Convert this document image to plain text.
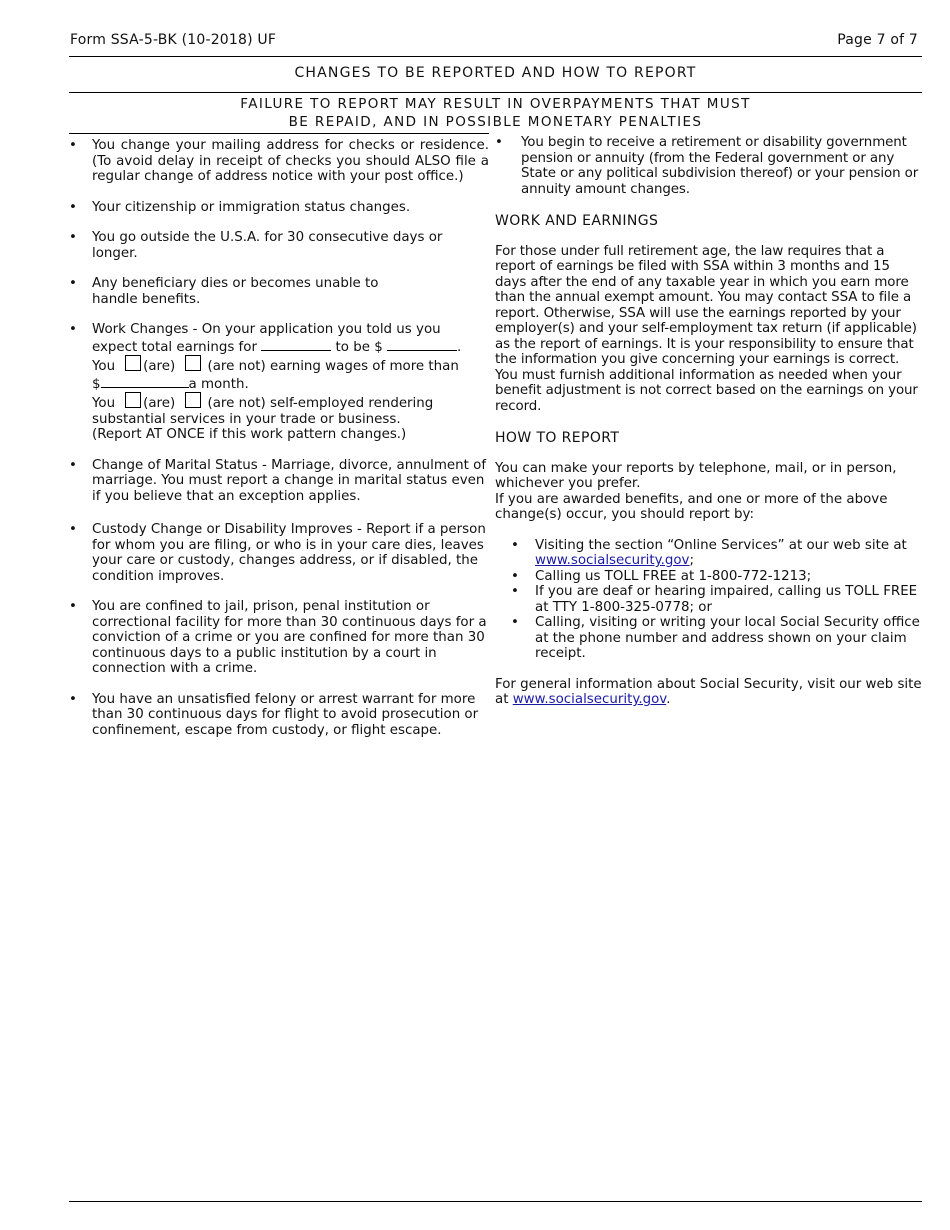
Form SSA-5-BK (10-2018) UF	Page 7 of 7
CHANGES TO BE REPORTED AND HOW TO REPORT
FAILURE TO REPORT MAY RESULT IN OVERPAYMENTS THAT MUST
BE REPAID, AND IN POSSIBLE MONETARY PENALTIES
• You change your mailing address for checks or residence. (To avoid delay in receipt of checks you should ALSO file a regular change of address notice with your post office.)

• Your citizenship or immigration status changes.

• You go outside the U.S.A. for 30 consecutive days or longer.

• Any beneficiary dies or becomes unable to handle benefits.

• Work Changes - On your application you told us you expect total earnings for	to be $	.

You (are) (are not) earning wages of more than
$	a month.

You (are) (are not) self-employed rendering substantial services in your trade or business.

(Report AT ONCE if this work pattern changes.)

• Change of Marital Status - Marriage, divorce, annulment of marriage. You must report a change in marital status even if you believe that an exception applies.

• Custody Change or Disability Improves - Report if a person for whom you are filing, or who is in your care dies, leaves your care or custody, changes address, or if disabled, the condition improves.

• You are confined to jail, prison, penal institution or correctional facility for more than 30 continuous days for a conviction of a crime or you are confined for more than 30 continuous days to a public institution by a court in connection with a crime.

• You have an unsatisfied felony or arrest warrant for more than 30 continuous days for flight to avoid prosecution or confinement, escape from custody, or flight escape.

• You begin to receive a retirement or disability government pension or annuity (from the Federal government or any State or any political subdivision thereof) or your pension or annuity amount changes.

WORK AND EARNINGS

For those under full retirement age, the law requires that a report of earnings be filed with SSA within 3 months and 15 days after the end of any taxable year in which you earn more than the annual exempt amount. You may contact SSA to file a report. Otherwise, SSA will use the earnings reported by your employer(s) and your self-employment tax return (if applicable) as the report of earnings. It is your responsibility to ensure that the information you give concerning your earnings is correct. You must furnish additional information as needed when your benefit adjustment is not correct based on the earnings on your record.

HOW TO REPORT

You can make your reports by telephone, mail, or in person, whichever you prefer.

If you are awarded benefits, and one or more of the above change(s) occur, you should report by:

• Visiting the section “Online Services” at our web site at www.socialsecurity.gov;
• Calling us TOLL FREE at 1-800-772-1213;
• If you are deaf or hearing impaired, calling us TOLL FREE at TTY 1-800-325-0778; or
• Calling, visiting or writing your local Social Security office at the phone number and address shown on your claim receipt.

For general information about Social Security, visit our web site at www.socialsecurity.gov.
